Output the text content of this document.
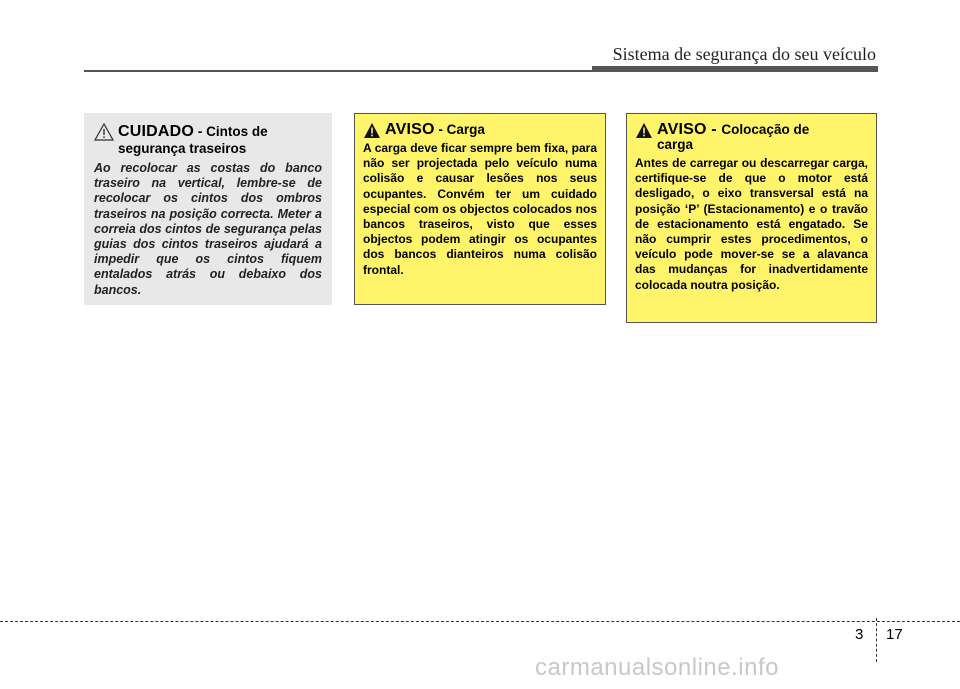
Sistema de segurança do seu veículo
CUIDADO - Cintos de segurança traseiros
Ao recolocar as costas do banco traseiro na vertical, lembre-se de recolocar os cintos dos ombros traseiros na posição correcta. Meter a correia dos cintos de segurança pelas guias dos cintos traseiros ajudará a impedir que os cintos fiquem entalados atrás ou debaixo dos bancos.
AVISO - Carga
A carga deve ficar sempre bem fixa, para não ser projectada pelo veículo numa colisão e causar lesões nos seus ocupantes. Convém ter um cuidado especial com os objectos colocados nos bancos traseiros, visto que esses objectos podem atingir os ocupantes dos bancos dianteiros numa colisão frontal.
AVISO - Colocação de carga
Antes de carregar ou descarregar carga, certifique-se de que o motor está desligado, o eixo transversal está na posição ‘P’ (Estacionamento) e o travão de estacionamento está engatado. Se não cumprir estes procedimentos, o veículo pode mover-se se a alavanca das mudanças for inadvertidamente colocada noutra posição.
3 17
carmanualsonline.info
